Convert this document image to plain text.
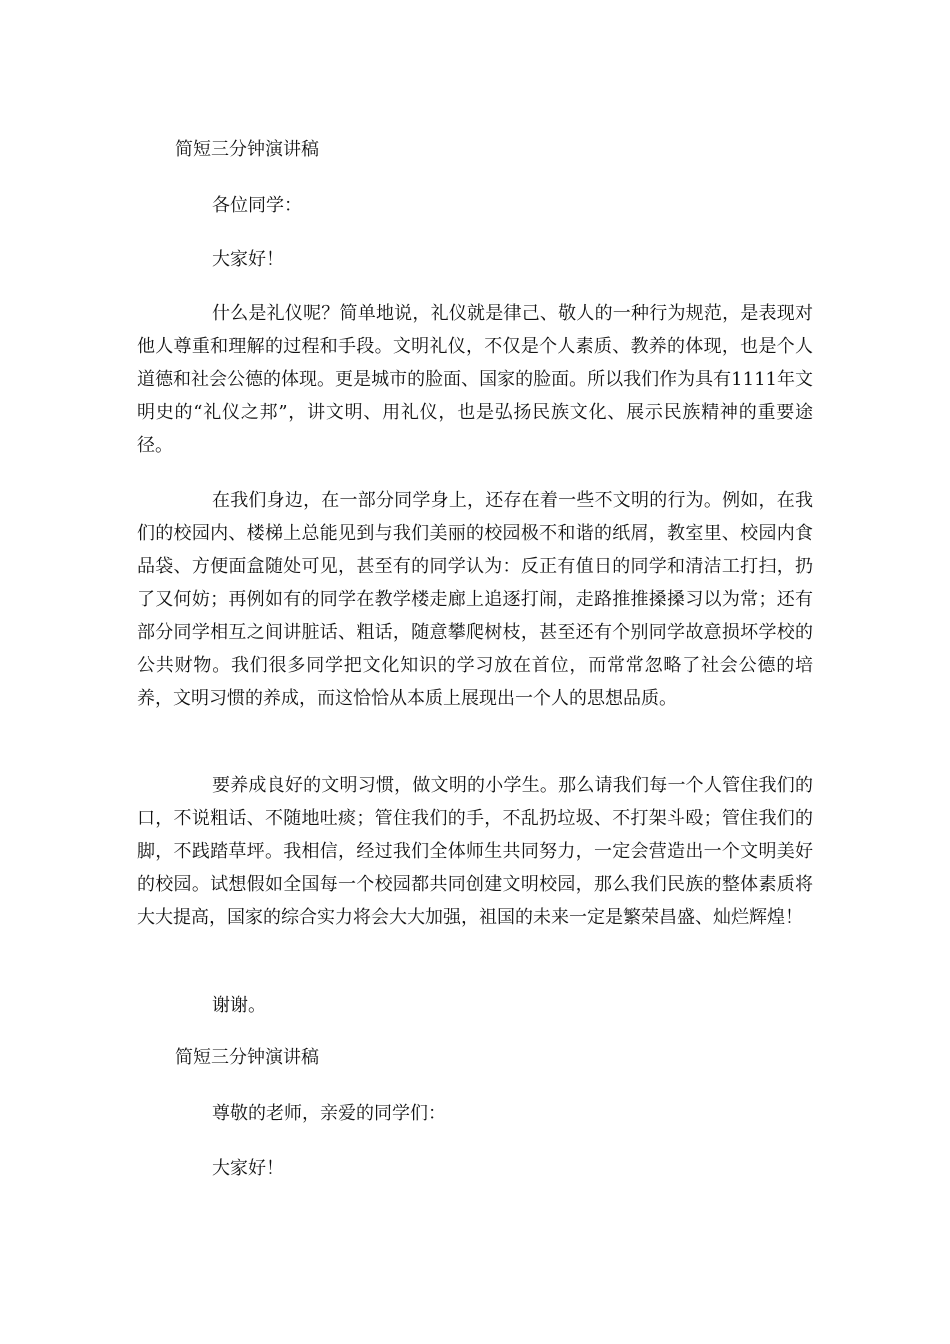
简短三分钟演讲稿
各位同学：
大家好！
什么是礼仪呢？简单地说，礼仪就是律己、敬人的一种行为规范，是表现对他人尊重和理解的过程和手段。文明礼仪，不仅是个人素质、教养的体现，也是个人道德和社会公德的体现。更是城市的脸面、国家的脸面。所以我们作为具有1111年文明史的“礼仪之邦”，讲文明、用礼仪，也是弘扬民族文化、展示民族精神的重要途径。
在我们身边，在一部分同学身上，还存在着一些不文明的行为。例如，在我们的校园内、楼梯上总能见到与我们美丽的校园极不和谐的纸屑，教室里、校园内食品袋、方便面盒随处可见，甚至有的同学认为：反正有值日的同学和清洁工打扫，扔了又何妨；再例如有的同学在教学楼走廊上追逐打闹，走路推推搡搡习以为常；还有部分同学相互之间讲脏话、粗话，随意攀爬树枝，甚至还有个别同学故意损坏学校的公共财物。我们很多同学把文化知识的学习放在首位，而常常忽略了社会公德的培养，文明习惯的养成，而这恰恰从本质上展现出一个人的思想品质。
要养成良好的文明习惯，做文明的小学生。那么请我们每一个人管住我们的口，不说粗话、不随地吐痰；管住我们的手，不乱扔垃圾、不打架斗殴；管住我们的脚，不践踏草坪。我相信，经过我们全体师生共同努力，一定会营造出一个文明美好的校园。试想假如全国每一个校园都共同创建文明校园，那么我们民族的整体素质将大大提高，国家的综合实力将会大大加强，祖国的未来一定是繁荣昌盛、灿烂辉煌！
谢谢。
简短三分钟演讲稿
尊敬的老师，亲爱的同学们：
大家好！
